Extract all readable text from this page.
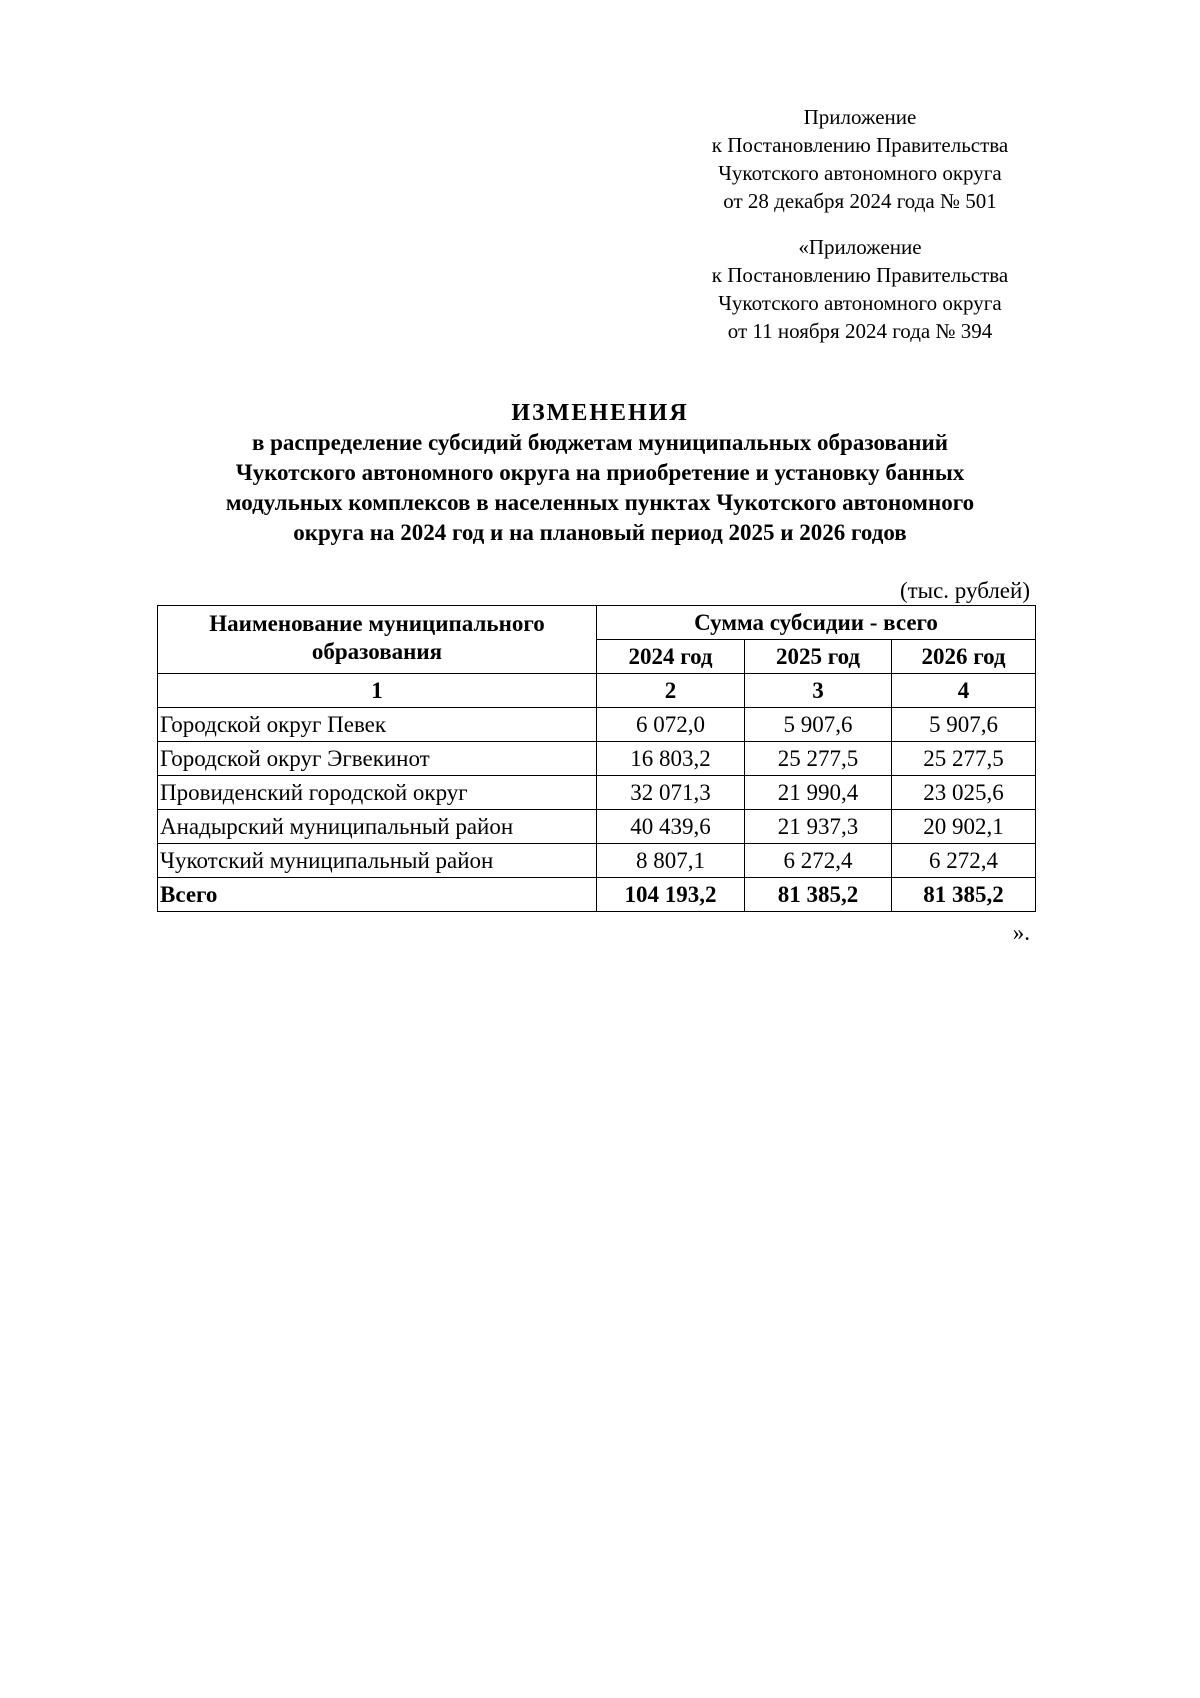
Приложение
к Постановлению Правительства
Чукотского автономного округа
от 28 декабря 2024 года № 501
«Приложение
к Постановлению Правительства
Чукотского автономного округа
от 11 ноября 2024 года № 394
ИЗМЕНЕНИЯ
в распределение субсидий бюджетам муниципальных образований
Чукотского автономного округа на приобретение и установку банных
модульных комплексов в населенных пунктах Чукотского автономного
округа на 2024 год и на плановый период 2025 и 2026 годов
(тыс. рублей)
Наименование муниципального образования	Сумма субсидии - всего		
	2024 год	2025 год	2026 год
1	2	3	4
Городской округ Певек	6 072,0	5 907,6	5 907,6
Городской округ Эгвекинот	16 803,2	25 277,5	25 277,5
Провиденский городской округ	32 071,3	21 990,4	23 025,6
Анадырский муниципальный район	40 439,6	21 937,3	20 902,1
Чукотский муниципальный район	8 807,1	6 272,4	6 272,4
Всего	104 193,2	81 385,2	81 385,2
».
